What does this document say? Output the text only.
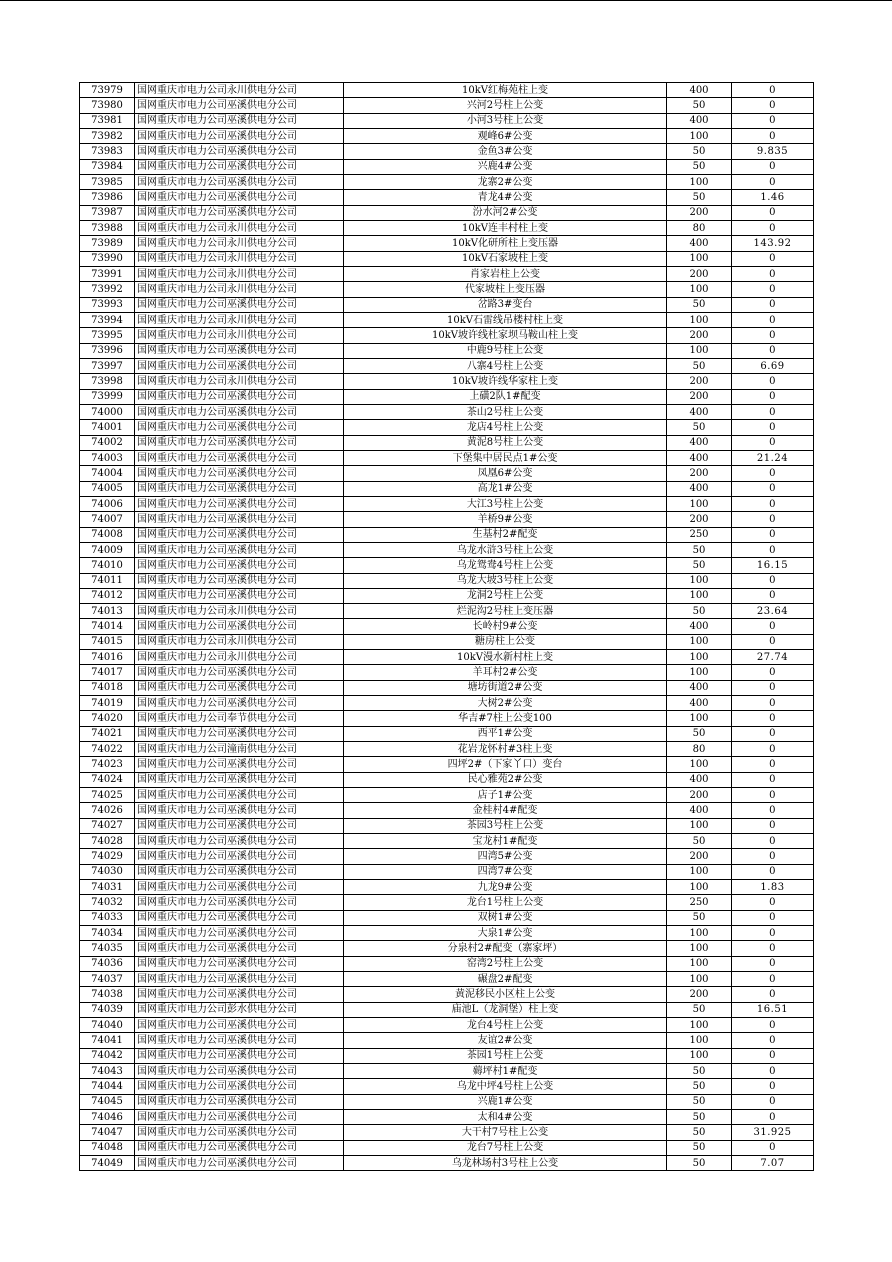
73979	国网重庆市电力公司永川供电分公司	10kV红梅苑柱上变	400	0
73980	国网重庆市电力公司巫溪供电分公司	兴河2号柱上公变	50	0
73981	国网重庆市电力公司巫溪供电分公司	小河3号柱上公变	400	0
73982	国网重庆市电力公司巫溪供电分公司	观峰6#公变	100	0
73983	国网重庆市电力公司巫溪供电分公司	金鱼3#公变	50	9.835
73984	国网重庆市电力公司巫溪供电分公司	兴鹿4#公变	50	0
73985	国网重庆市电力公司巫溪供电分公司	龙寨2#公变	100	0
73986	国网重庆市电力公司巫溪供电分公司	青龙4#公变	50	1.46
73987	国网重庆市电力公司巫溪供电分公司	汾水河2#公变	200	0
73988	国网重庆市电力公司永川供电分公司	10kV连丰村柱上变	80	0
73989	国网重庆市电力公司永川供电分公司	10kV化研所柱上变压器	400	143.92
73990	国网重庆市电力公司永川供电分公司	10kV石家坡柱上变	100	0
73991	国网重庆市电力公司永川供电分公司	肖家岩柱上公变	200	0
73992	国网重庆市电力公司永川供电分公司	代家坡柱上变压器	100	0
73993	国网重庆市电力公司巫溪供电分公司	岔路3#变台	50	0
73994	国网重庆市电力公司永川供电分公司	10kV石雷线吊楼村柱上变	100	0
73995	国网重庆市电力公司永川供电分公司	10kV坡许线杜家坝马鞍山柱上变	200	0
73996	国网重庆市电力公司巫溪供电分公司	中鹿9号柱上公变	100	0
73997	国网重庆市电力公司巫溪供电分公司	八寨4号柱上公变	50	6.69
73998	国网重庆市电力公司永川供电分公司	10kV坡许线华家柱上变	200	0
73999	国网重庆市电力公司巫溪供电分公司	上磺2队1#配变	200	0
74000	国网重庆市电力公司巫溪供电分公司	茶山2号柱上公变	400	0
74001	国网重庆市电力公司巫溪供电分公司	龙店4号柱上公变	50	0
74002	国网重庆市电力公司巫溪供电分公司	黄泥8号柱上公变	400	0
74003	国网重庆市电力公司巫溪供电分公司	下堡集中居民点1#公变	400	21.24
74004	国网重庆市电力公司巫溪供电分公司	凤凰6#公变	200	0
74005	国网重庆市电力公司巫溪供电分公司	高龙1#公变	400	0
74006	国网重庆市电力公司巫溪供电分公司	大江3号柱上公变	100	0
74007	国网重庆市电力公司巫溪供电分公司	羊桥9#公变	200	0
74008	国网重庆市电力公司巫溪供电分公司	生基村2#配变	250	0
74009	国网重庆市电力公司巫溪供电分公司	乌龙水浒3号柱上公变	50	0
74010	国网重庆市电力公司巫溪供电分公司	乌龙鸳鸯4号柱上公变	50	16.15
74011	国网重庆市电力公司巫溪供电分公司	乌龙大坡3号柱上公变	100	0
74012	国网重庆市电力公司巫溪供电分公司	龙洞2号柱上公变	100	0
74013	国网重庆市电力公司永川供电分公司	烂泥沟2号柱上变压器	50	23.64
74014	国网重庆市电力公司巫溪供电分公司	长岭村9#公变	400	0
74015	国网重庆市电力公司永川供电分公司	糖房柱上公变	100	0
74016	国网重庆市电力公司永川供电分公司	10kV漫水新村柱上变	100	27.74
74017	国网重庆市电力公司巫溪供电分公司	羊耳村2#公变	100	0
74018	国网重庆市电力公司巫溪供电分公司	塘坊街道2#公变	400	0
74019	国网重庆市电力公司巫溪供电分公司	大树2#公变	400	0
74020	国网重庆市电力公司奉节供电分公司	华吉#7柱上公变100	100	0
74021	国网重庆市电力公司巫溪供电分公司	西平1#公变	50	0
74022	国网重庆市电力公司潼南供电分公司	花岩龙怀村#3柱上变	80	0
74023	国网重庆市电力公司巫溪供电分公司	四坪2#（下家丫口）变台	100	0
74024	国网重庆市电力公司巫溪供电分公司	民心雅苑2#公变	400	0
74025	国网重庆市电力公司巫溪供电分公司	店子1#公变	200	0
74026	国网重庆市电力公司巫溪供电分公司	金桂村4#配变	400	0
74027	国网重庆市电力公司巫溪供电分公司	茶园3号柱上公变	100	0
74028	国网重庆市电力公司巫溪供电分公司	宝龙村1#配变	50	0
74029	国网重庆市电力公司巫溪供电分公司	四湾5#公变	200	0
74030	国网重庆市电力公司巫溪供电分公司	四湾7#公变	100	0
74031	国网重庆市电力公司巫溪供电分公司	九龙9#公变	100	1.83
74032	国网重庆市电力公司巫溪供电分公司	龙台1号柱上公变	250	0
74033	国网重庆市电力公司巫溪供电分公司	双树1#公变	50	0
74034	国网重庆市电力公司巫溪供电分公司	大泉1#公变	100	0
74035	国网重庆市电力公司巫溪供电分公司	分泉村2#配变（寨家坪）	100	0
74036	国网重庆市电力公司巫溪供电分公司	窑湾2号柱上公变	100	0
74037	国网重庆市电力公司巫溪供电分公司	碾盘2#配变	100	0
74038	国网重庆市电力公司巫溪供电分公司	黄泥移民小区柱上公变	200	0
74039	国网重庆市电力公司彭水供电分公司	庙池L（龙洞堡）柱上变	50	16.51
74040	国网重庆市电力公司巫溪供电分公司	龙台4号柱上公变	100	0
74041	国网重庆市电力公司巫溪供电分公司	友谊2#公变	100	0
74042	国网重庆市电力公司巫溪供电分公司	茶园1号柱上公变	100	0
74043	国网重庆市电力公司巫溪供电分公司	薅坪村1#配变	50	0
74044	国网重庆市电力公司巫溪供电分公司	乌龙中坪4号柱上公变	50	0
74045	国网重庆市电力公司巫溪供电分公司	兴鹿1#公变	50	0
74046	国网重庆市电力公司巫溪供电分公司	太和4#公变	50	0
74047	国网重庆市电力公司巫溪供电分公司	大干村7号柱上公变	50	31.925
74048	国网重庆市电力公司巫溪供电分公司	龙台7号柱上公变	50	0
74049	国网重庆市电力公司巫溪供电分公司	乌龙林场村3号柱上公变	50	7.07
